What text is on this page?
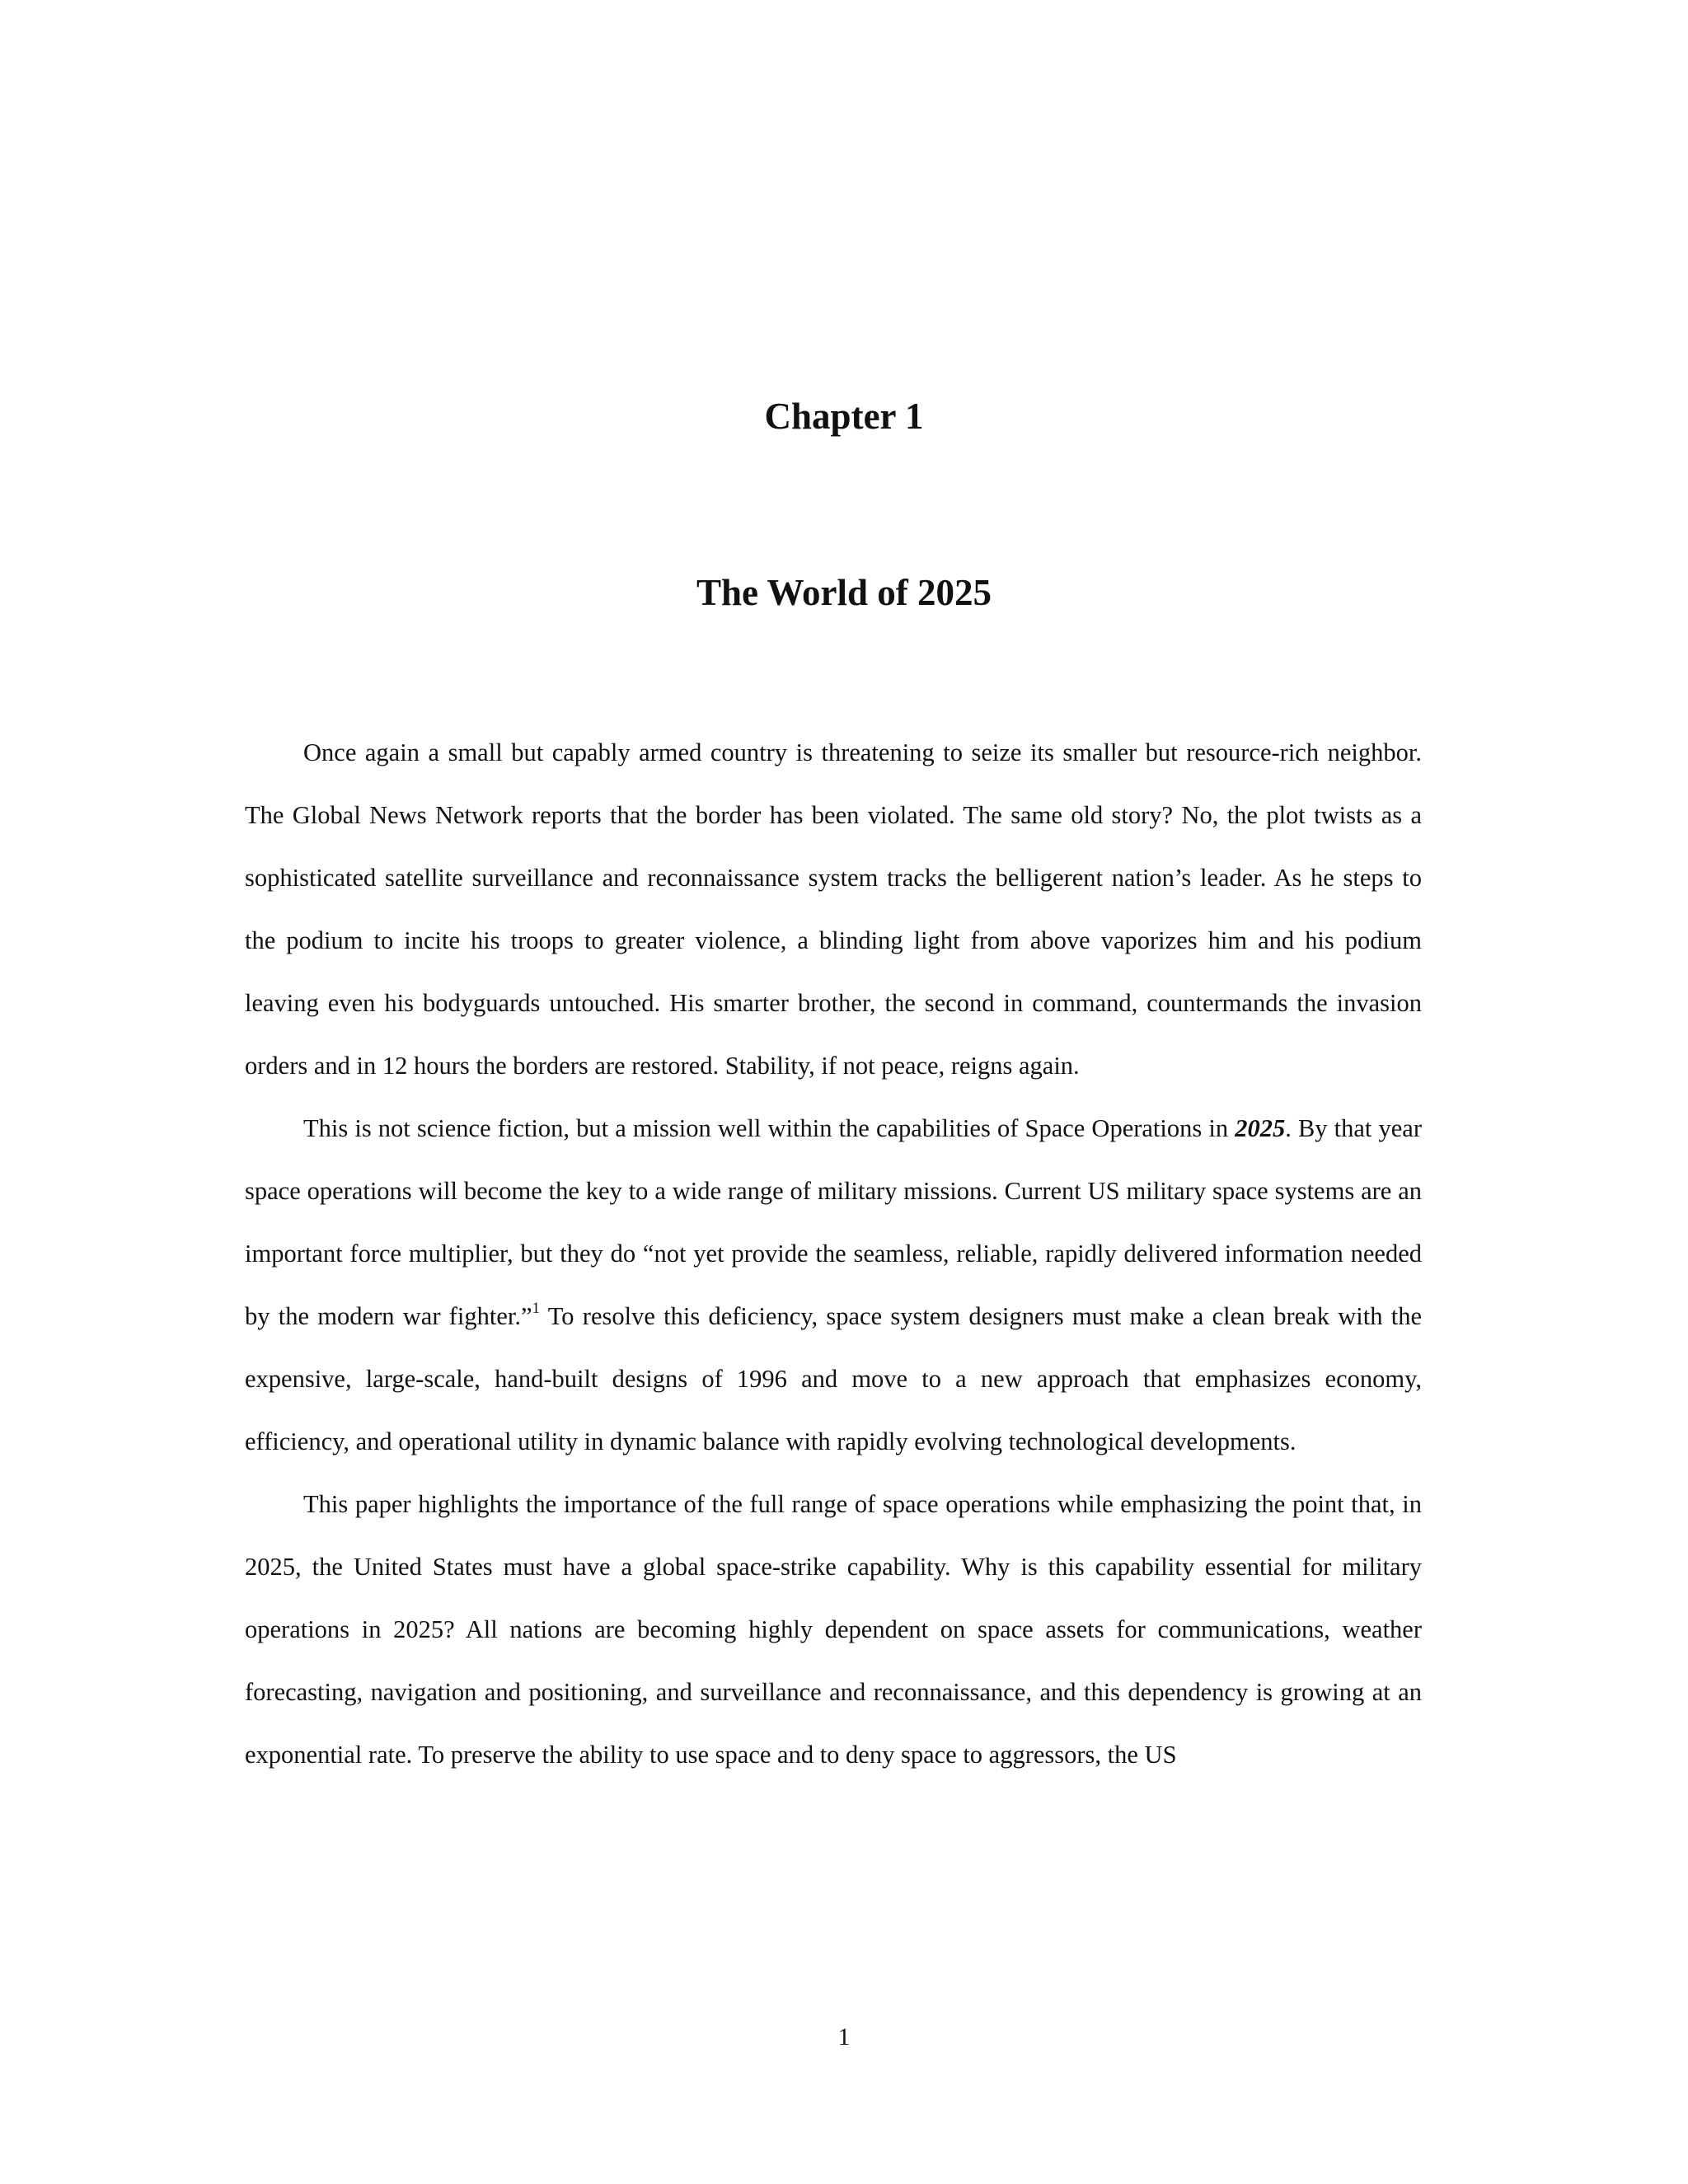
Chapter 1
The World of 2025

Once again a small but capably armed country is threatening to seize its smaller but resource-rich neighbor. The Global News Network reports that the border has been violated. The same old story? No, the plot twists as a sophisticated satellite surveillance and reconnaissance system tracks the belligerent nation’s leader. As he steps to the podium to incite his troops to greater violence, a blinding light from above vaporizes him and his podium leaving even his bodyguards untouched. His smarter brother, the second in command, countermands the invasion orders and in 12 hours the borders are restored. Stability, if not peace, reigns again.

This is not science fiction, but a mission well within the capabilities of Space Operations in 2025. By that year space operations will become the key to a wide range of military missions. Current US military space systems are an important force multiplier, but they do “not yet provide the seamless, reliable, rapidly delivered information needed by the modern war fighter.”$^1$ To resolve this deficiency, space system designers must make a clean break with the expensive, large-scale, hand-built designs of 1996 and move to a new approach that emphasizes economy, efficiency, and operational utility in dynamic balance with rapidly evolving technological developments.

This paper highlights the importance of the full range of space operations while emphasizing the point that, in 2025, the United States must have a global space-strike capability. Why is this capability essential for military operations in 2025? All nations are becoming highly dependent on space assets for communications, weather forecasting, navigation and positioning, and surveillance and reconnaissance, and this dependency is growing at an exponential rate. To preserve the ability to use space and to deny space to aggressors, the US

1
